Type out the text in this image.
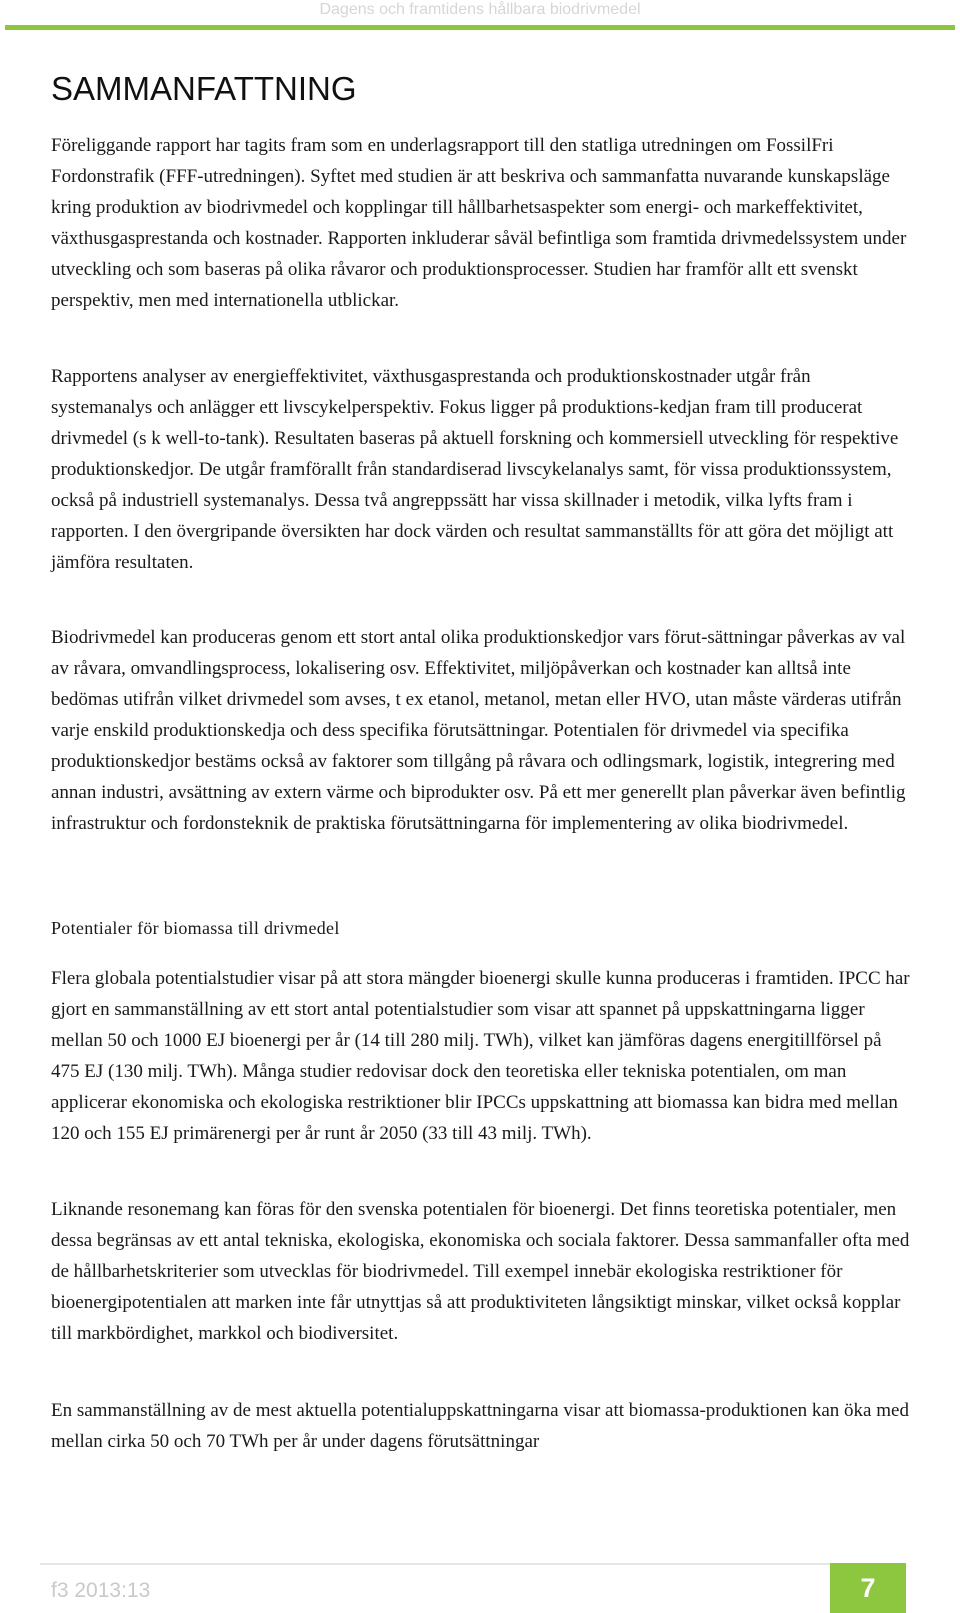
Dagens och framtidens hållbara biodrivmedel
SAMMANFATTNING

Föreliggande rapport har tagits fram som en underlagsrapport till den statliga utredningen om FossilFri Fordonstrafik (FFF-utredningen). Syftet med studien är att beskriva och sammanfatta nuvarande kunskapsläge kring produktion av biodrivmedel och kopplingar till hållbarhetsaspekter som energi- och markeffektivitet, växthusgasprestanda och kostnader. Rapporten inkluderar såväl befintliga som framtida drivmedelssystem under utveckling och som baseras på olika råvaror och produktionsprocesser. Studien har framför allt ett svenskt perspektiv, men med internationella utblickar.

Rapportens analyser av energieffektivitet, växthusgasprestanda och produktionskostnader utgår från systemanalys och anlägger ett livscykelperspektiv. Fokus ligger på produktions-kedjan fram till producerat drivmedel (s k well-to-tank). Resultaten baseras på aktuell forskning och kommersiell utveckling för respektive produktionskedjor. De utgår framförallt från standardiserad livscykelanalys samt, för vissa produktionssystem, också på industriell systemanalys. Dessa två angreppssätt har vissa skillnader i metodik, vilka lyfts fram i rapporten. I den övergripande översikten har dock värden och resultat sammanställts för att göra det möjligt att jämföra resultaten.

Biodrivmedel kan produceras genom ett stort antal olika produktionskedjor vars förut-sättningar påverkas av val av råvara, omvandlingsprocess, lokalisering osv. Effektivitet, miljöpåverkan och kostnader kan alltså inte bedömas utifrån vilket drivmedel som avses, t ex etanol, metanol, metan eller HVO, utan måste värderas utifrån varje enskild produktionskedja och dess specifika förutsättningar. Potentialen för drivmedel via specifika produktionskedjor bestäms också av faktorer som tillgång på råvara och odlingsmark, logistik, integrering med annan industri, avsättning av extern värme och biprodukter osv. På ett mer generellt plan påverkar även befintlig infrastruktur och fordonsteknik de praktiska förutsättningarna för implementering av olika biodrivmedel.

Potentialer för biomassa till drivmedel

Flera globala potentialstudier visar på att stora mängder bioenergi skulle kunna produceras i framtiden. IPCC har gjort en sammanställning av ett stort antal potentialstudier som visar att spannet på uppskattningarna ligger mellan 50 och 1000 EJ bioenergi per år (14 till 280 milj. TWh), vilket kan jämföras dagens energitillförsel på 475 EJ (130 milj. TWh). Många studier redovisar dock den teoretiska eller tekniska potentialen, om man applicerar ekonomiska och ekologiska restriktioner blir IPCCs uppskattning att biomassa kan bidra med mellan 120 och 155 EJ primärenergi per år runt år 2050 (33 till 43 milj. TWh).

Liknande resonemang kan föras för den svenska potentialen för bioenergi. Det finns teoretiska potentialer, men dessa begränsas av ett antal tekniska, ekologiska, ekonomiska och sociala faktorer. Dessa sammanfaller ofta med de hållbarhetskriterier som utvecklas för biodrivmedel. Till exempel innebär ekologiska restriktioner för bioenergipotentialen att marken inte får utnyttjas så att produktiviteten långsiktigt minskar, vilket också kopplar till markbördighet, markkol och biodiversitet.

En sammanställning av de mest aktuella potentialuppskattningarna visar att biomassa-produktionen kan öka med mellan cirka 50 och 70 TWh per år under dagens förutsättningar

f3 2013:13	7
